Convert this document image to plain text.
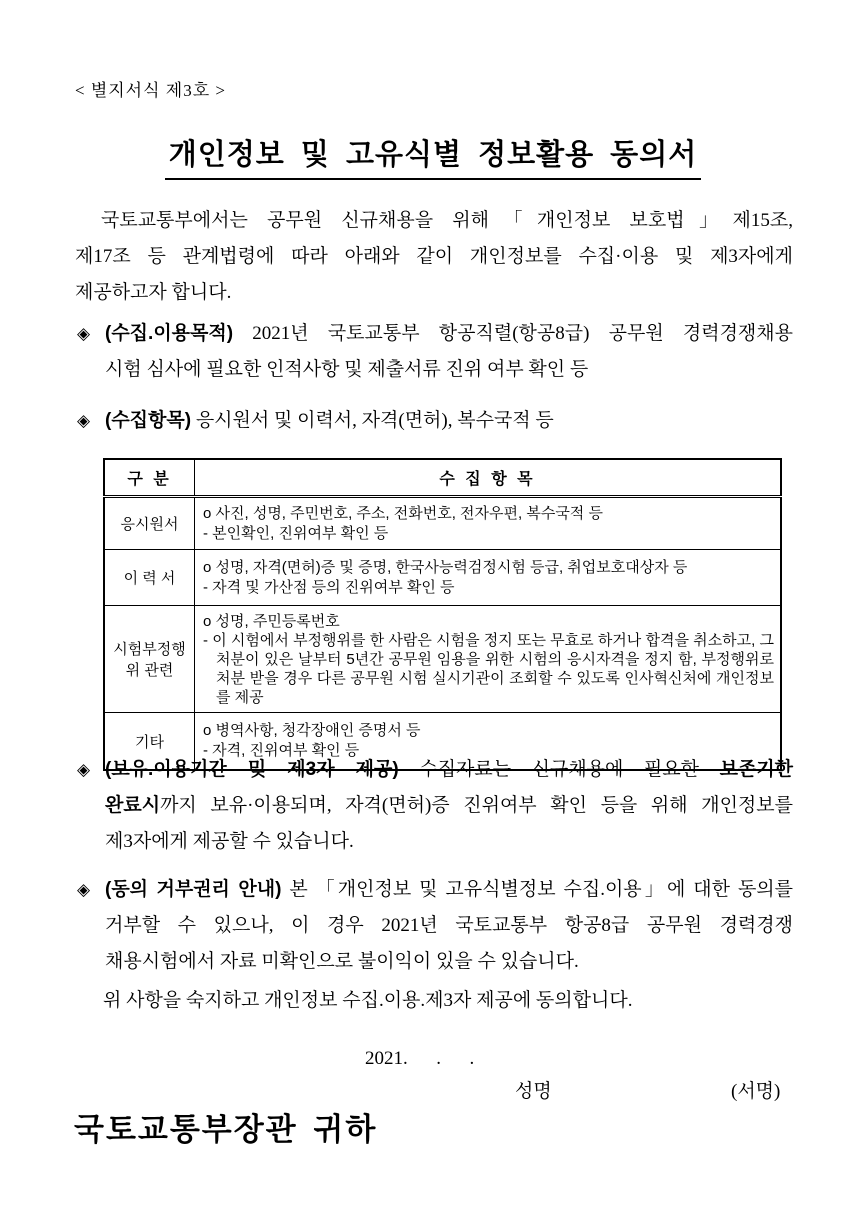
< 별지서식 제3호 >
개인정보 및 고유식별 정보활용 동의서
국토교통부에서는 공무원 신규채용을 위해「개인정보 보호법」제15조,
제17조 등 관계법령에 따라 아래와 같이 개인정보를 수집·이용 및 제3자에게
제공하고자 합니다.
◈ (수집.이용목적) 2021년 국토교통부 항공직렬(항공8급) 공무원 경력경쟁채용
시험 심사에 필요한 인적사항 및 제출서류 진위 여부 확인 등
◈ (수집항목) 응시원서 및 이력서, 자격(면허), 복수국적 등
구 분	수 집 항 목
응시원서	o 사진, 성명, 주민번호, 주소, 전화번호, 전자우편, 복수국적 등
- 본인확인, 진위여부 확인 등

이 력 서	o 성명, 자격(면허)증 및 증명, 한국사능력검정시험 등급, 취업보호대상자 등
- 자격 및 가산점 등의 진위여부 확인 등

시험부정행위 관련	o 성명, 주민등록번호
- 이 시험에서 부정행위를 한 사람은 시험을 정지 또는 무효로 하거나 합격을 취소하고, 그 처분이 있은 날부터 5년간 공무원 임용을 위한 시험의 응시자격을 정지 함, 부정행위로 처분 받을 경우 다른 공무원 시험 실시기관이 조회할 수 있도록 인사혁신처에 개인정보를 제공

기타	o 병역사항, 청각장애인 증명서 등
- 자격, 진위여부 확인 등
◈ (보유.이용기간 및 제3자 제공) 수집자료는 신규채용에 필요한 보존기한
완료시까지 보유·이용되며, 자격(면허)증 진위여부 확인 등을 위해 개인정보를
제3자에게 제공할 수 있습니다.
◈ (동의 거부권리 안내) 본 「개인정보 및 고유식별정보 수집.이용」에 대한 동의를
거부할 수 있으나, 이 경우 2021년 국토교통부 항공8급 공무원 경력경쟁
채용시험에서 자료 미확인으로 불이익이 있을 수 있습니다.
위 사항을 숙지하고 개인정보 수집.이용.제3자 제공에 동의합니다.
2021.      .      .
성명	(서명)
국토교통부장관 귀하
